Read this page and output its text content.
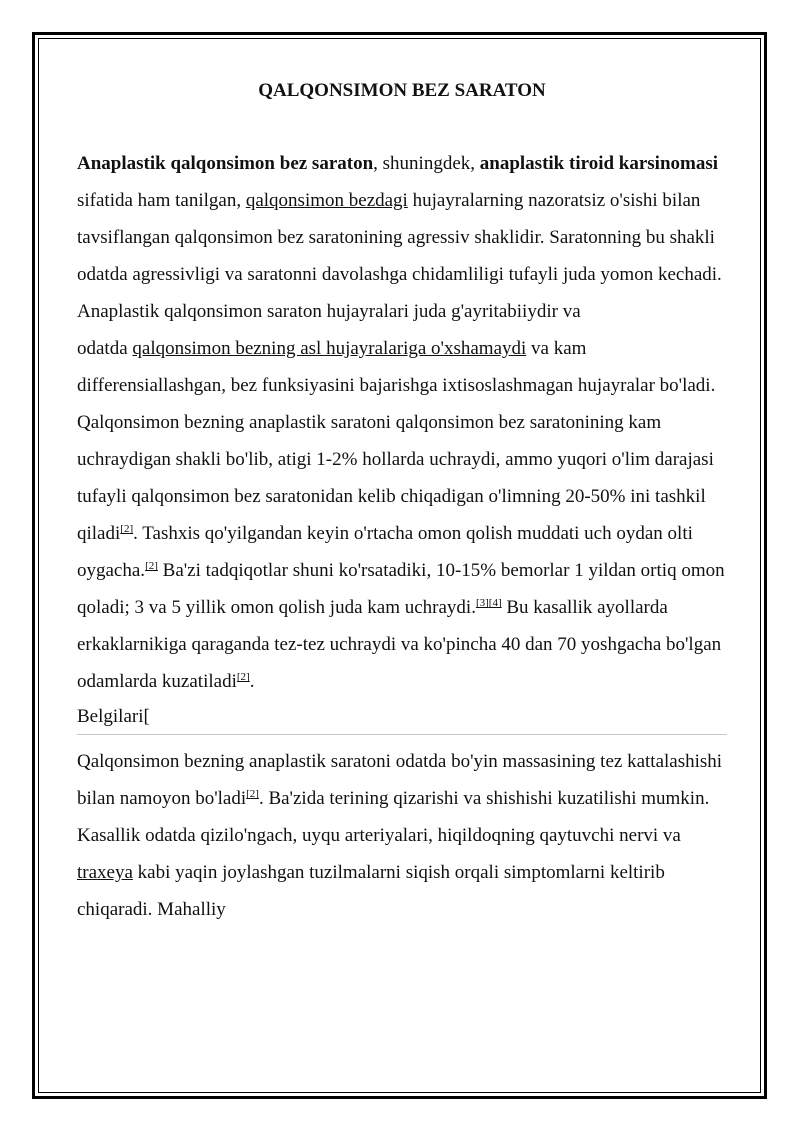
QALQONSIMON BEZ SARATON

Anaplastik qalqonsimon bez saraton, shuningdek, anaplastik tiroid karsinomasi sifatida ham tanilgan, qalqonsimon bezdagi hujayralarning nazoratsiz o'sishi bilan tavsiflangan qalqonsimon bez saratonining agressiv shaklidir. Saratonning bu shakli odatda agressivligi va saratonni davolashga chidamliligi tufayli juda yomon kechadi. Anaplastik qalqonsimon saraton hujayralari juda g'ayritabiiydir va
odatda qalqonsimon bezning asl hujayralariga o'xshamaydi va kam differensiallashgan, bez funksiyasini bajarishga ixtisoslashmagan hujayralar bo'ladi.

Qalqonsimon bezning anaplastik saratoni qalqonsimon bez saratonining kam uchraydigan shakli bo'lib, atigi 1-2% hollarda uchraydi, ammo yuqori o'lim darajasi tufayli qalqonsimon bez saratonidan kelib chiqadigan o'limning 20-50% ini tashkil qiladi[2]. Tashxis qo'yilgandan keyin o'rtacha omon qolish muddati uch oydan olti oygacha.[2] Ba'zi tadqiqotlar shuni ko'rsatadiki, 10-15% bemorlar 1 yildan ortiq omon qoladi; 3 va 5 yillik omon qolish juda kam uchraydi.[3][4] Bu kasallik ayollarda erkaklarnikiga qaraganda tez-tez uchraydi va ko'pincha 40 dan 70 yoshgacha bo'lgan odamlarda kuzatiladi[2].

Belgilari[

Qalqonsimon bezning anaplastik saratoni odatda bo'yin massasining tez kattalashishi bilan namoyon bo'ladi[2]. Ba'zida terining qizarishi va shishishi kuzatilishi mumkin. Kasallik odatda qizilo'ngach, uyqu arteriyalari, hiqildoqning qaytuvchi nervi va traxeya kabi yaqin joylashgan tuzilmalarni siqish orqali simptomlarni keltirib chiqaradi. Mahalliy
